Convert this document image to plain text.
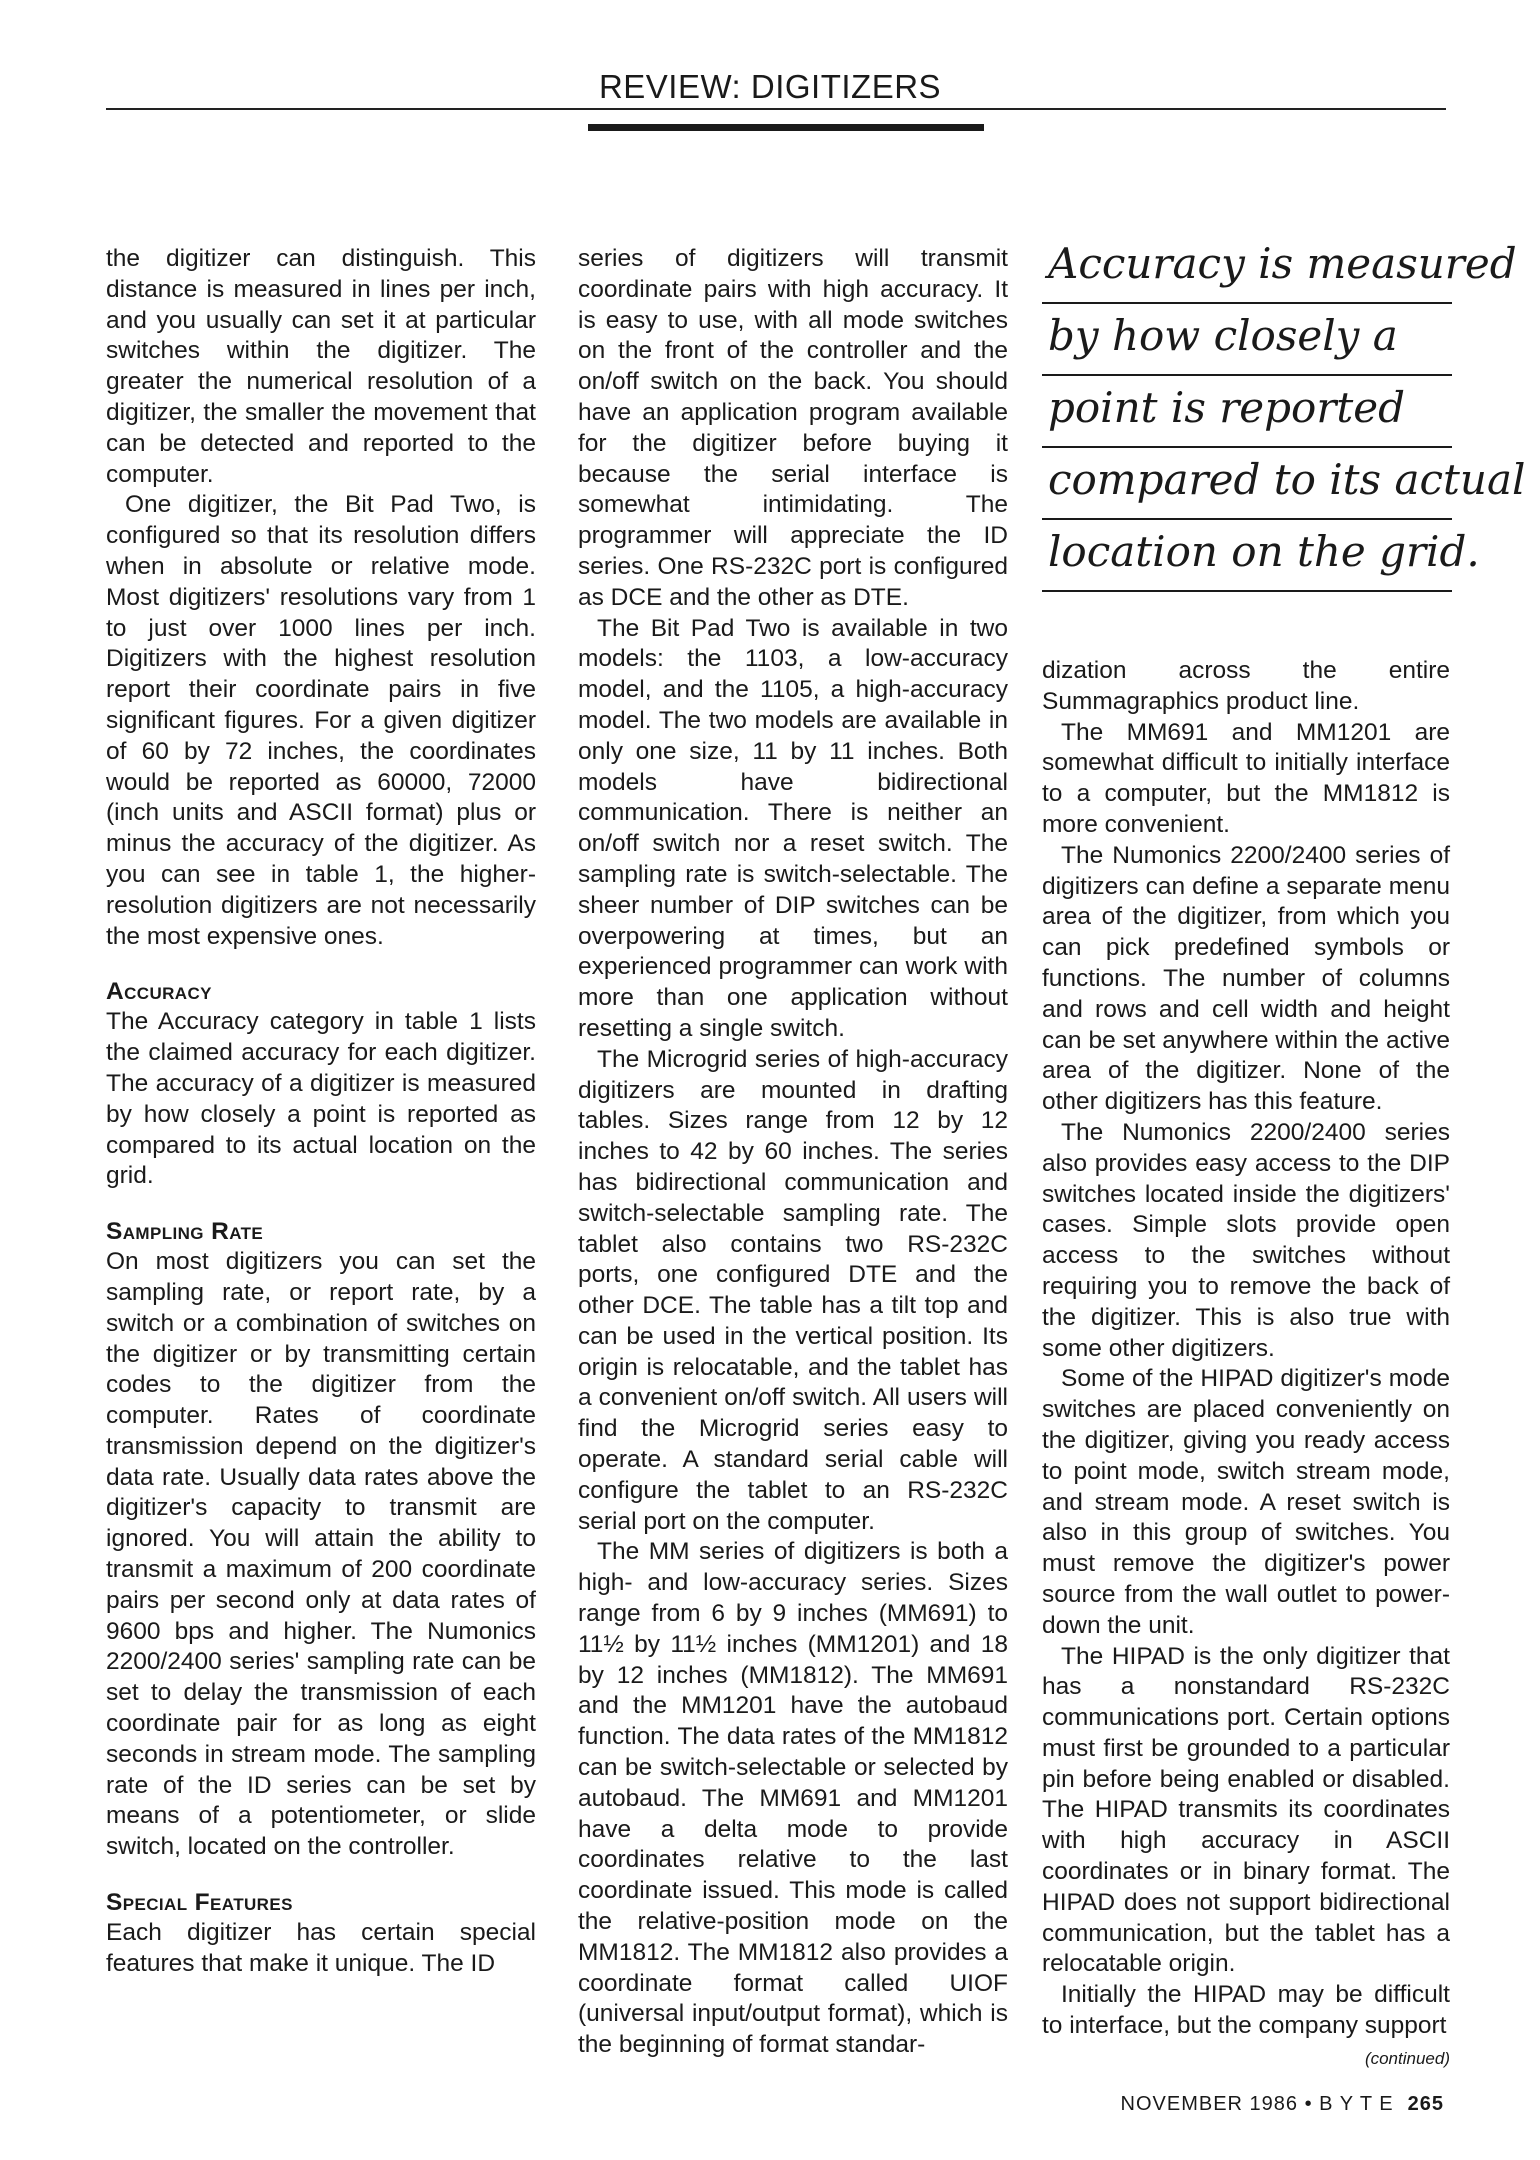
REVIEW: DIGITIZERS

the digitizer can distinguish. This distance is measured in lines per inch, and you usually can set it at particular switches within the digitizer. The greater the numerical resolution of a digitizer, the smaller the movement that can be detected and reported to the computer.

One digitizer, the Bit Pad Two, is configured so that its resolution differs when in absolute or relative mode. Most digitizers' resolutions vary from 1 to just over 1000 lines per inch. Digitizers with the highest resolution report their coordinate pairs in five significant figures. For a given digitizer of 60 by 72 inches, the coordinates would be reported as 60000, 72000 (inch units and ASCII format) plus or minus the accuracy of the digitizer. As you can see in table 1, the higher-resolution digitizers are not necessarily the most expensive ones.

Accuracy

The Accuracy category in table 1 lists the claimed accuracy for each digitizer. The accuracy of a digitizer is measured by how closely a point is reported as compared to its actual location on the grid.

Sampling Rate

On most digitizers you can set the sampling rate, or report rate, by a switch or a combination of switches on the digitizer or by transmitting certain codes to the digitizer from the computer. Rates of coordinate transmission depend on the digitizer's data rate. Usually data rates above the digitizer's capacity to transmit are ignored. You will attain the ability to transmit a maximum of 200 coordinate pairs per second only at data rates of 9600 bps and higher. The Numonics 2200/2400 series' sampling rate can be set to delay the transmission of each coordinate pair for as long as eight seconds in stream mode. The sampling rate of the ID series can be set by means of a potentiometer, or slide switch, located on the controller.

Special Features

Each digitizer has certain special features that make it unique. The ID

series of digitizers will transmit coordinate pairs with high accuracy. It is easy to use, with all mode switches on the front of the controller and the on/off switch on the back. You should have an application program available for the digitizer before buying it because the serial interface is somewhat intimidating. The programmer will appreciate the ID series. One RS-232C port is configured as DCE and the other as DTE.

The Bit Pad Two is available in two models: the 1103, a low-accuracy model, and the 1105, a high-accuracy model. The two models are available in only one size, 11 by 11 inches. Both models have bidirectional communication. There is neither an on/off switch nor a reset switch. The sampling rate is switch-selectable. The sheer number of DIP switches can be overpowering at times, but an experienced programmer can work with more than one application without resetting a single switch.

The Microgrid series of high-accuracy digitizers are mounted in drafting tables. Sizes range from 12 by 12 inches to 42 by 60 inches. The series has bidirectional communication and switch-selectable sampling rate. The tablet also contains two RS-232C ports, one configured DTE and the other DCE. The table has a tilt top and can be used in the vertical position. Its origin is relocatable, and the tablet has a convenient on/off switch. All users will find the Microgrid series easy to operate. A standard serial cable will configure the tablet to an RS-232C serial port on the computer.

The MM series of digitizers is both a high- and low-accuracy series. Sizes range from 6 by 9 inches (MM691) to 11½ by 11½ inches (MM1201) and 18 by 12 inches (MM1812). The MM691 and the MM1201 have the autobaud function. The data rates of the MM1812 can be switch-selectable or selected by autobaud. The MM691 and MM1201 have a delta mode to provide coordinates relative to the last coordinate issued. This mode is called the relative-position mode on the MM1812. The MM1812 also provides a coordinate format called UIOF (universal input/output format), which is the beginning of format standar-

Accuracy is measured
by how closely a
point is reported
compared to its actual
location on the grid.

dization across the entire Summagraphics product line.

The MM691 and MM1201 are somewhat difficult to initially interface to a computer, but the MM1812 is more convenient.

The Numonics 2200/2400 series of digitizers can define a separate menu area of the digitizer, from which you can pick predefined symbols or functions. The number of columns and rows and cell width and height can be set anywhere within the active area of the digitizer. None of the other digitizers has this feature.

The Numonics 2200/2400 series also provides easy access to the DIP switches located inside the digitizers' cases. Simple slots provide open access to the switches without requiring you to remove the back of the digitizer. This is also true with some other digitizers.

Some of the HIPAD digitizer's mode switches are placed conveniently on the digitizer, giving you ready access to point mode, switch stream mode, and stream mode. A reset switch is also in this group of switches. You must remove the digitizer's power source from the wall outlet to power-down the unit.

The HIPAD is the only digitizer that has a nonstandard RS-232C communications port. Certain options must first be grounded to a particular pin before being enabled or disabled. The HIPAD transmits its coordinates with high accuracy in ASCII coordinates or in binary format. The HIPAD does not support bidirectional communication, but the tablet has a relocatable origin.

Initially the HIPAD may be difficult to interface, but the company support

(continued)
NOVEMBER 1986 • B Y T E 265
